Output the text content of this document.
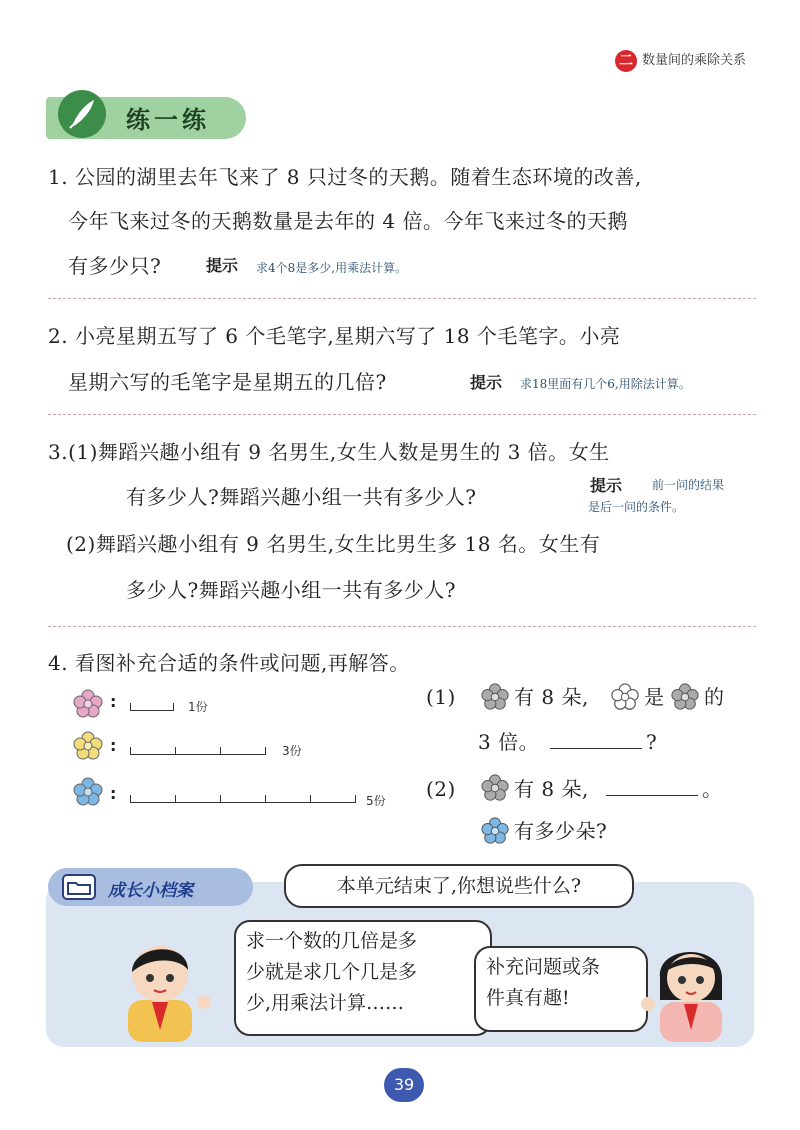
二 数量间的乘除关系
练一练
1. 公园的湖里去年飞来了 8 只过冬的天鹅。随着生态环境的改善,
今年飞来过冬的天鹅数量是去年的 4 倍。今年飞来过冬的天鹅
有多少只?	提示 求4个8是多少,用乘法计算。
2. 小亮星期五写了 6 个毛笔字,星期六写了 18 个毛笔字。小亮
星期六写的毛笔字是星期五的几倍?	提示 求18里面有几个6,用除法计算。
3.(1)舞蹈兴趣小组有 9 名男生,女生人数是男生的 3 倍。女生
有多少人?舞蹈兴趣小组一共有多少人?	提示 前一问的结果
是后一问的条件。
(2)舞蹈兴趣小组有 9 名男生,女生比男生多 18 名。女生有
多少人?舞蹈兴趣小组一共有多少人?
4. 看图补充合适的条件或问题,再解答。
:	1份
:	3份
:	5份
(1)	有 8 朵,	是 的
3 倍。	?
(2)	有 8 朵,	。
有多少朵?
成长小档案	本单元结束了,你想说些什么?
求一个数的几倍是多
少就是求几个几是多
少,用乘法计算……
补充问题或条
件真有趣!
39
